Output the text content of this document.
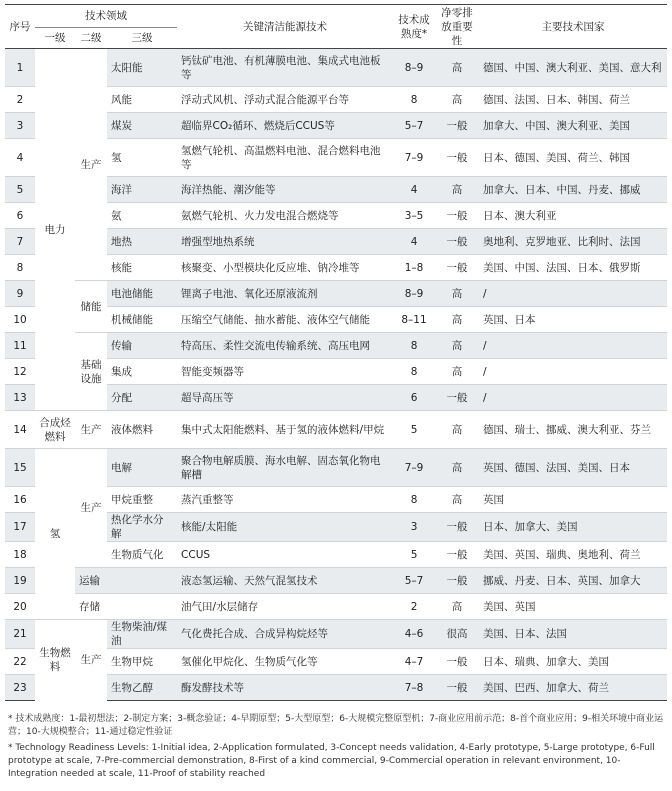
序号	技术领域			关键清洁能源技术	技术成熟度*	净零排放重要性	主要技术国家
	一级	二级	三级				
1	电力	生产	太阳能	钙钛矿电池、有机薄膜电池、集成式电池板等	8–9	高	德国、中国、澳大利亚、美国、意大利
2			风能	浮动式风机、浮动式混合能源平台等	8	高	德国、法国、日本、韩国、荷兰
3			煤炭	超临界CO₂循环、燃烧后CCUS等	5–7	一般	加拿大、中国、澳大利亚、美国
4			氢	氢燃气轮机、高温燃料电池、混合燃料电池等	7–9	一般	日本、德国、美国、荷兰、韩国
5			海洋	海洋热能、潮汐能等	4	高	加拿大、日本、中国、丹麦、挪威
6			氨	氨燃气轮机、火力发电混合燃烧等	3–5	一般	日本、澳大利亚
7			地热	增强型地热系统	4	一般	奥地利、克罗地亚、比利时、法国
8			核能	核聚变、小型模块化反应堆、钠冷堆等	1–8	一般	美国、中国、法国、日本、俄罗斯
9		储能	电池储能	锂离子电池、氧化还原液流剂	8–9	高	/
10			机械储能	压缩空气储能、抽水蓄能、液体空气储能	8–11	高	英国、日本
11		基础设施	传输	特高压、柔性交流电传输系统、高压电网	8	高	/
12			集成	智能变频器等	8	高	/
13			分配	超导高压等	6	一般	/
14	合成烃燃料	生产	液体燃料	集中式太阳能燃料、基于氢的液体燃料/甲烷	5	高	德国、瑞士、挪威、澳大利亚、芬兰
15	氢	生产	电解	聚合物电解质膜、海水电解、固态氧化物电解槽	7–9	高	英国、德国、法国、美国、日本
16			甲烷重整	蒸汽重整等	8	高	英国
17			热化学水分解	核能/太阳能	3	一般	日本、加拿大、美国
18			生物质气化	CCUS	5	一般	美国、英国、瑞典、奥地利、荷兰
19		运输		液态氢运输、天然气混氢技术	5–7	一般	挪威、丹麦、日本、英国、加拿大
20		存储		油气田/水层储存	2	高	美国、英国
21	生物燃料	生产	生物柴油/煤油	气化费托合成、合成异构烷烃等	4–6	很高	美国、日本、法国
22			生物甲烷	氢催化甲烷化、生物质气化等	4–7	一般	日本、瑞典、加拿大、美国
23			生物乙醇	酶发酵技术等	7–8	一般	美国、巴西、加拿大、荷兰

* 技术成熟度：1-最初想法；2-制定方案；3-概念验证；4-早期原型；5-大型原型；6-大规模完整原型机；7-商业应用前示范；8-首个商业应用；9-相关环境中商业运营；10-大规模整合；11-通过稳定性验证

* Technology Readiness Levels: 1-Initial idea, 2-Application formulated, 3-Concept needs validation, 4-Early prototype, 5-Large prototype, 6-Full prototype at scale, 7-Pre-commercial demonstration, 8-First of a kind commercial, 9-Commercial operation in relevant environment, 10-Integration needed at scale, 11-Proof of stability reached
